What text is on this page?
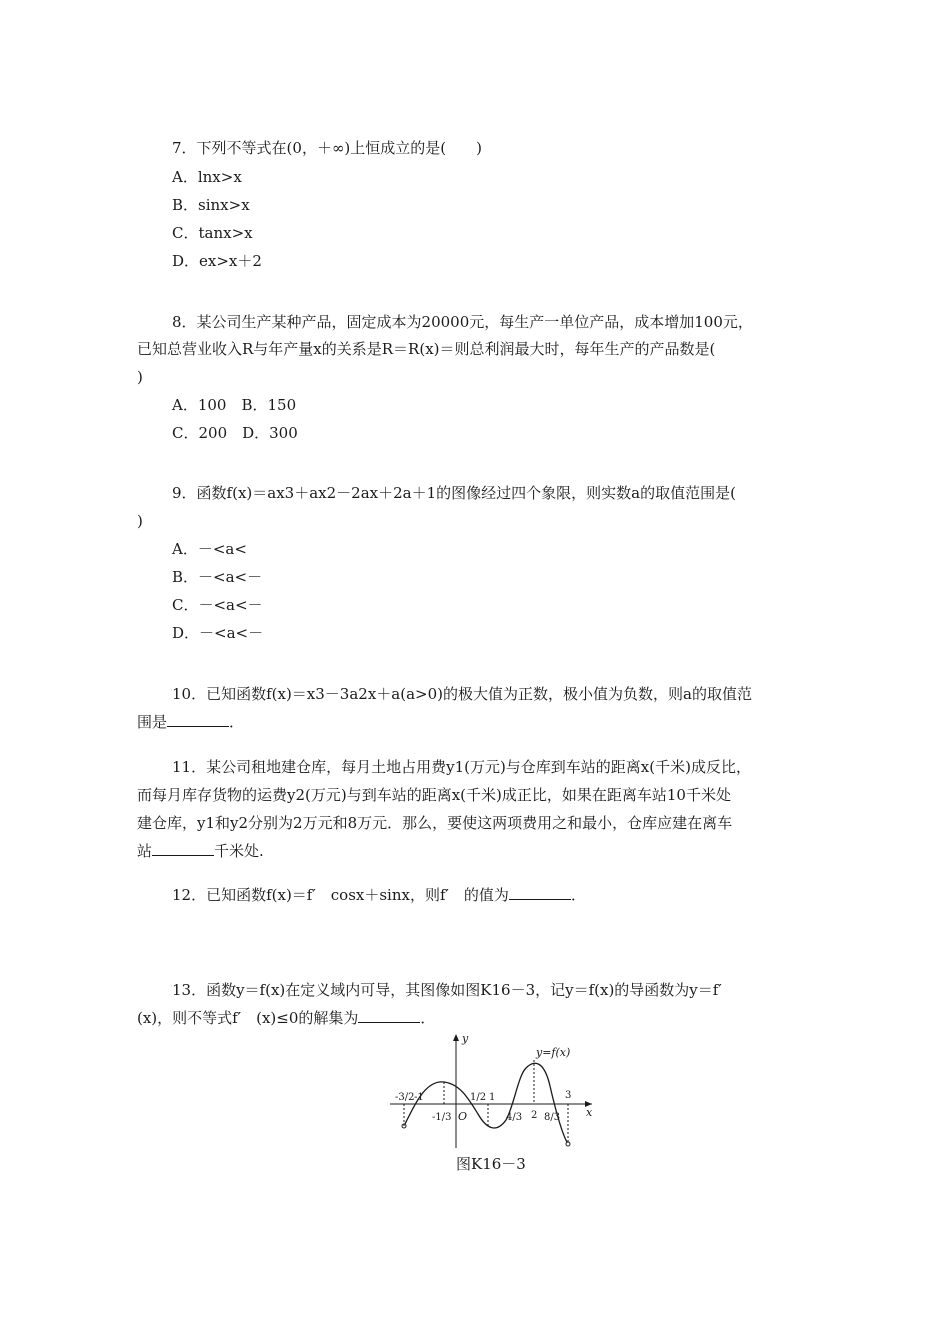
7．下列不等式在(0，＋∞)上恒成立的是(　　)
A．lnx>x
B．sinx>x
C．tanx>x
D．ex>x＋2
8．某公司生产某种产品，固定成本为20000元，每生产一单位产品，成本增加100元，
已知总营业收入R与年产量x的关系是R＝R(x)＝则总利润最大时，每年生产的产品数是(
)
A．100　B．150
C．200　D．300
9．函数f(x)＝ax3＋ax2－2ax＋2a＋1的图像经过四个象限，则实数a的取值范围是(
)
A．－<a<
B．－<a<－
C．－<a<－
D．－<a<－
10．已知函数f(x)＝x3－3a2x＋a(a>0)的极大值为正数，极小值为负数，则a的取值范
围是	．
11．某公司租地建仓库，每月土地占用费y1(万元)与仓库到车站的距离x(千米)成反比，
而每月库存货物的运费y2(万元)与到车站的距离x(千米)成正比，如果在距离车站10千米处
建仓库，y1和y2分别为2万元和8万元．那么，要使这两项费用之和最小，仓库应建在离车
站	千米处.
12．已知函数f(x)＝f′　cosx＋sinx，则f′　的值为	．
13．函数y＝f(x)在定义域内可导，其图像如图K16－3，记y＝f(x)的导函数为y＝f′
(x)，则不等式f′　(x)≤0的解集为	．
y
x
O
y=f(x)
-3/2 -1	1/2 1	3
-1/3	4/3 2 8/3
图K16－3
